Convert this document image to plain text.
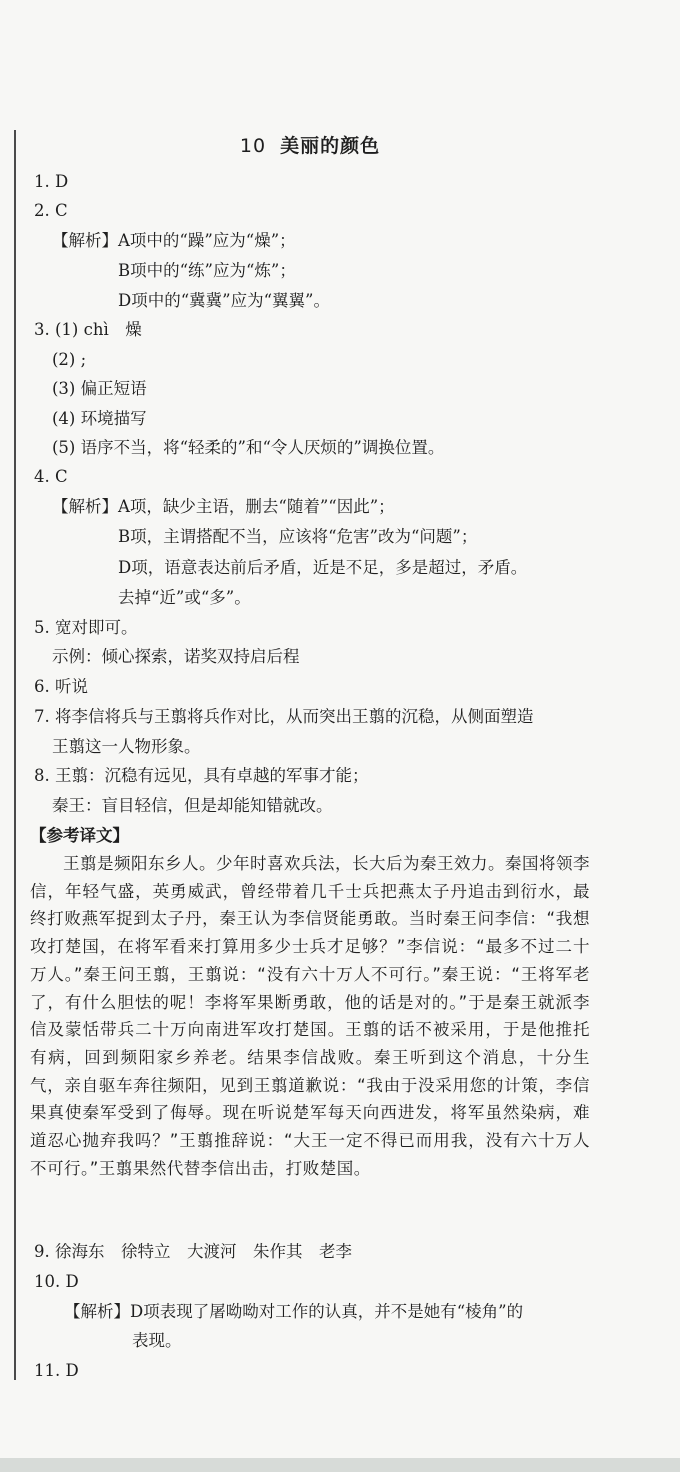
10 美丽的颜色
1. D
2. C
【解析】A项中的“躁”应为“燥”；
B项中的“练”应为“炼”；
D项中的“冀冀”应为“翼翼”。
3. (1) chì　燥
(2) ;
(3) 偏正短语
(4) 环境描写
(5) 语序不当，将“轻柔的”和“令人厌烦的”调换位置。
4. C
【解析】A项，缺少主语，删去“随着”“因此”；
B项，主谓搭配不当，应该将“危害”改为“问题”；
D项，语意表达前后矛盾，近是不足，多是超过，矛盾。
去掉“近”或“多”。
5. 宽对即可。
示例：倾心探索，诺奖双持启后程
6. 听说
7. 将李信将兵与王翦将兵作对比，从而突出王翦的沉稳，从侧面塑造
王翦这一人物形象。
8. 王翦：沉稳有远见，具有卓越的军事才能；
秦王：盲目轻信，但是却能知错就改。
【参考译文】
王翦是频阳东乡人。少年时喜欢兵法，长大后为秦王效力。秦国将领李信，年轻气盛，英勇威武，曾经带着几千士兵把燕太子丹追击到衍水，最终打败燕军捉到太子丹，秦王认为李信贤能勇敢。当时秦王问李信：“我想攻打楚国，在将军看来打算用多少士兵才足够？”李信说：“最多不过二十万人。”秦王问王翦，王翦说：“没有六十万人不可行。”秦王说：“王将军老了，有什么胆怯的呢！李将军果断勇敢，他的话是对的。”于是秦王就派李信及蒙恬带兵二十万向南进军攻打楚国。王翦的话不被采用，于是他推托有病，回到频阳家乡养老。结果李信战败。秦王听到这个消息，十分生气，亲自驱车奔往频阳，见到王翦道歉说：“我由于没采用您的计策，李信果真使秦军受到了侮辱。现在听说楚军每天向西进发，将军虽然染病，难道忍心抛弃我吗？”王翦推辞说：“大王一定不得已而用我，没有六十万人不可行。”王翦果然代替李信出击，打败楚国。
9. 徐海东　徐特立　大渡河　朱作其　老李
10. D
【解析】D项表现了屠呦呦对工作的认真，并不是她有“棱角”的
表现。
11. D
